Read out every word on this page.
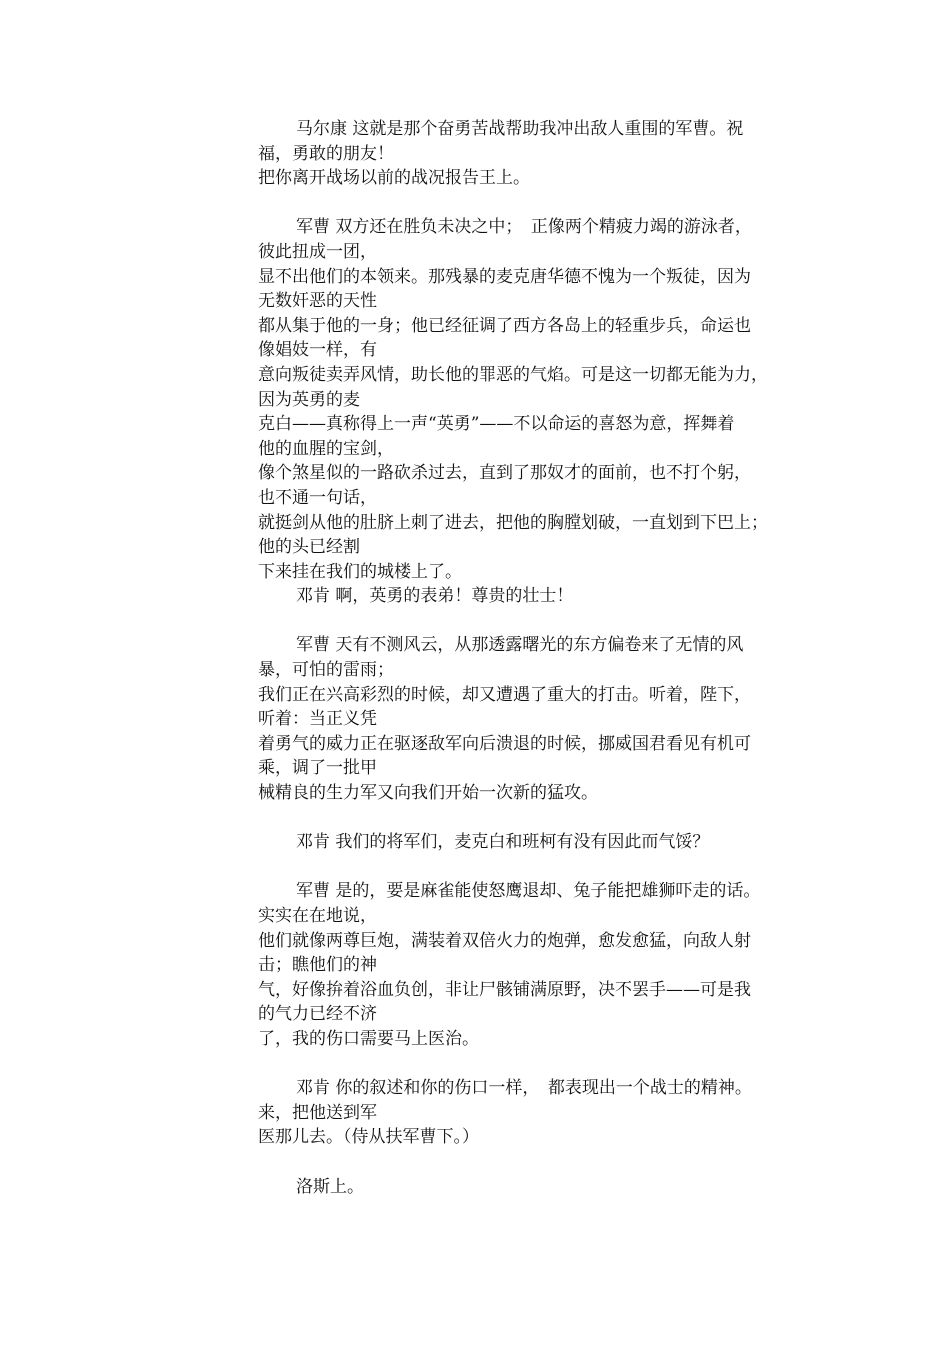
马尔康 这就是那个奋勇苦战帮助我冲出敌人重围的军曹。祝
福，勇敢的朋友！
把你离开战场以前的战况报告王上。
军曹 双方还在胜负未决之中；　正像两个精疲力竭的游泳者，
彼此扭成一团，
显不出他们的本领来。那残暴的麦克唐华德不愧为一个叛徒，因为
无数奸恶的天性
都从集于他的一身；他已经征调了西方各岛上的轻重步兵，命运也
像娼妓一样，有
意向叛徒卖弄风情，助长他的罪恶的气焰。可是这一切都无能为力，
因为英勇的麦
克白——真称得上一声“英勇”——不以命运的喜怒为意，挥舞着
他的血腥的宝剑，
像个煞星似的一路砍杀过去，直到了那奴才的面前，也不打个躬，
也不通一句话，
就挺剑从他的肚脐上刺了进去，把他的胸膛划破，一直划到下巴上；
他的头已经割
下来挂在我们的城楼上了。
邓肯 啊，英勇的表弟！尊贵的壮士！
军曹 天有不测风云，从那透露曙光的东方偏卷来了无情的风
暴，可怕的雷雨；
我们正在兴高彩烈的时候，却又遭遇了重大的打击。听着，陛下，
听着：当正义凭
着勇气的威力正在驱逐敌军向后溃退的时候，挪威国君看见有机可
乘，调了一批甲
械精良的生力军又向我们开始一次新的猛攻。
邓肯 我们的将军们，麦克白和班柯有没有因此而气馁？
军曹 是的，要是麻雀能使怒鹰退却、兔子能把雄狮吓走的话。
实实在在地说，
他们就像两尊巨炮，满装着双倍火力的炮弹，愈发愈猛，向敌人射
击；瞧他们的神
气，好像拚着浴血负创，非让尸骸铺满原野，决不罢手——可是我
的气力已经不济
了，我的伤口需要马上医治。
邓肯 你的叙述和你的伤口一样，　都表现出一个战士的精神。
来，把他送到军
医那儿去。（侍从扶军曹下。）
洛斯上。
